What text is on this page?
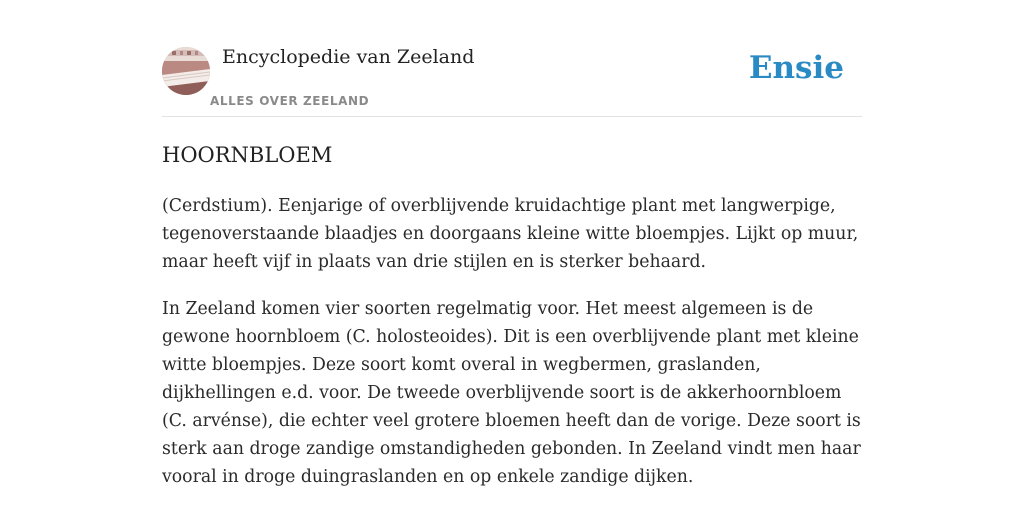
Encyclopedie van Zeeland
ALLES OVER ZEELAND
Ensie
HOORNBLOEM

(Cerdstium). Eenjarige of overblijvende kruidachtige plant met langwerpige, tegenoverstaande blaadjes en doorgaans kleine witte bloempjes. Lijkt op muur, maar heeft vijf in plaats van drie stijlen en is sterker behaard.

In Zeeland komen vier soorten regelmatig voor. Het meest algemeen is de gewone hoornbloem (C. holosteoides). Dit is een overblijvende plant met kleine witte bloempjes. Deze soort komt overal in wegbermen, graslanden, dijkhellingen e.d. voor. De tweede overblijvende soort is de akkerhoornbloem (C. arvénse), die echter veel grotere bloemen heeft dan de vorige. Deze soort is sterk aan droge zandige omstandigheden gebonden. In Zeeland vindt men haar vooral in droge duingraslanden en op enkele zandige dijken.
